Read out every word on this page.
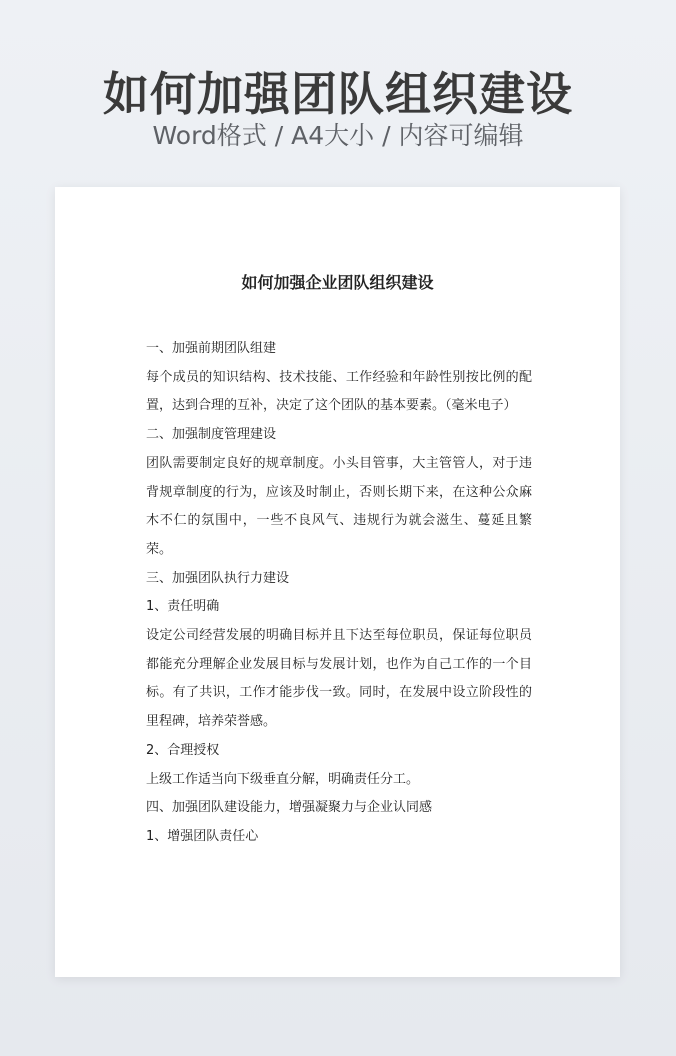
如何加强团队组织建设
Word格式 / A4大小 / 内容可编辑
如何加强企业团队组织建设

一、加强前期团队组建

每个成员的知识结构、技术技能、工作经验和年龄性别按比例的配置，达到合理的互补，决定了这个团队的基本要素。（毫米电子）

二、加强制度管理建设

团队需要制定良好的规章制度。小头目管事，大主管管人，对于违背规章制度的行为，应该及时制止，否则长期下来，在这种公众麻木不仁的氛围中，一些不良风气、违规行为就会滋生、蔓延且繁荣。

三、加强团队执行力建设

1、责任明确

设定公司经营发展的明确目标并且下达至每位职员，保证每位职员都能充分理解企业发展目标与发展计划，也作为自己工作的一个目标。有了共识，工作才能步伐一致。同时，在发展中设立阶段性的里程碑，培养荣誉感。

2、合理授权

上级工作适当向下级垂直分解，明确责任分工。

四、加强团队建设能力，增强凝聚力与企业认同感

1、增强团队责任心
